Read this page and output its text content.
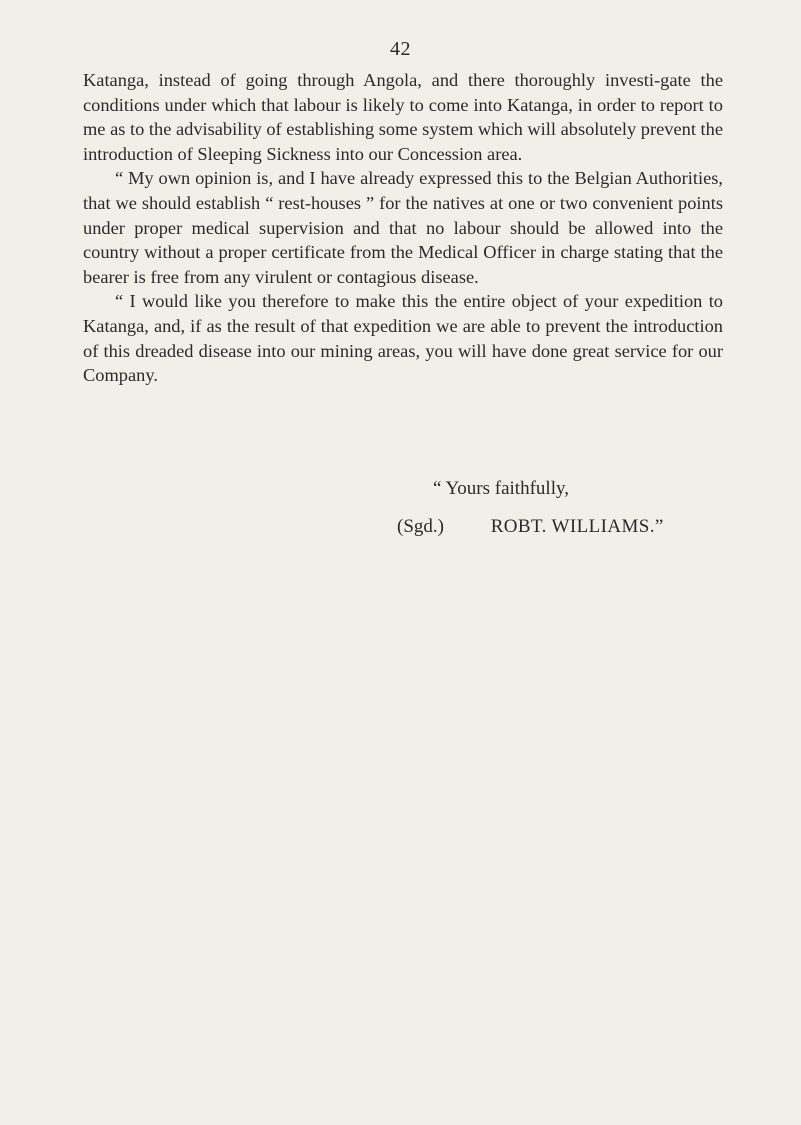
42

Katanga, instead of going through Angola, and there thoroughly investi-gate the conditions under which that labour is likely to come into Katanga, in order to report to me as to the advisability of establishing some system which will absolutely prevent the introduction of Sleeping Sickness into our Concession area.

“ My own opinion is, and I have already expressed this to the Belgian Authorities, that we should establish “ rest-houses ” for the natives at one or two convenient points under proper medical supervision and that no labour should be allowed into the country without a proper certificate from the Medical Officer in charge stating that the bearer is free from any virulent or contagious disease.

“ I would like you therefore to make this the entire object of your expedition to Katanga, and, if as the result of that expedition we are able to prevent the introduction of this dreaded disease into our mining areas, you will have done great service for our Company.

“ Yours faithfully,
(Sgd.) ROBT. WILLIAMS.”
